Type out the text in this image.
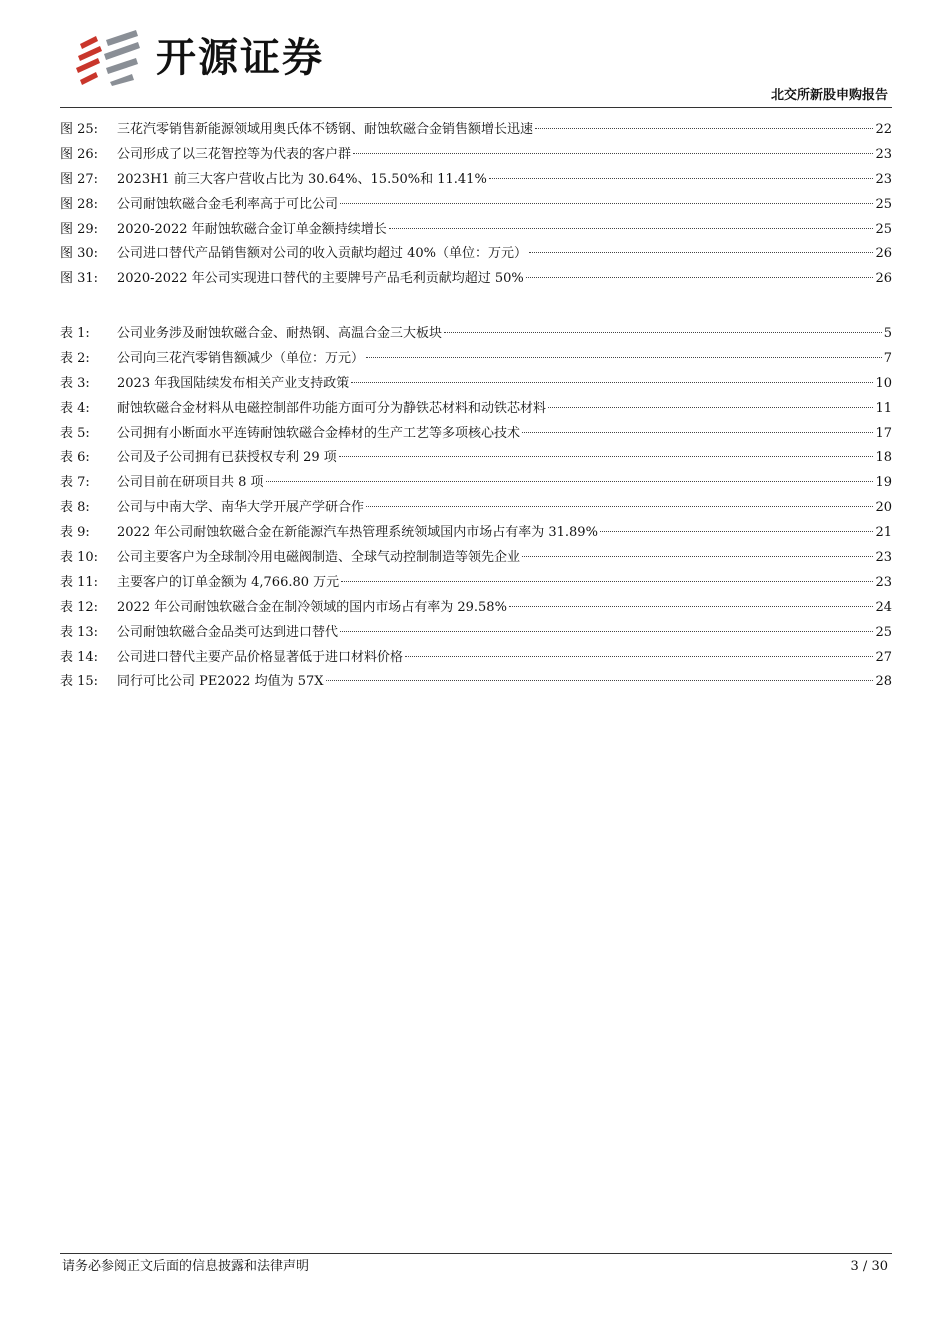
开源证券
北交所新股申购报告
图 25:	三花汽零销售新能源领域用奥氏体不锈钢、耐蚀软磁合金销售额增长迅速	22
图 26:	公司形成了以三花智控等为代表的客户群	23
图 27:	2023H1 前三大客户营收占比为 30.64%、15.50%和 11.41%	23
图 28:	公司耐蚀软磁合金毛利率高于可比公司	25
图 29:	2020-2022 年耐蚀软磁合金订单金额持续增长	25
图 30:	公司进口替代产品销售额对公司的收入贡献均超过 40%（单位：万元）	26
图 31:	2020-2022 年公司实现进口替代的主要牌号产品毛利贡献均超过 50%	26
表 1:	公司业务涉及耐蚀软磁合金、耐热钢、高温合金三大板块	5
表 2:	公司向三花汽零销售额减少（单位：万元）	7
表 3:	2023 年我国陆续发布相关产业支持政策	10
表 4:	耐蚀软磁合金材料从电磁控制部件功能方面可分为静铁芯材料和动铁芯材料	11
表 5:	公司拥有小断面水平连铸耐蚀软磁合金棒材的生产工艺等多项核心技术	17
表 6:	公司及子公司拥有已获授权专利 29 项	18
表 7:	公司目前在研项目共 8 项	19
表 8:	公司与中南大学、南华大学开展产学研合作	20
表 9:	2022 年公司耐蚀软磁合金在新能源汽车热管理系统领域国内市场占有率为 31.89%	21
表 10:	公司主要客户为全球制冷用电磁阀制造、全球气动控制制造等领先企业	23
表 11:	主要客户的订单金额为 4,766.80 万元	23
表 12:	2022 年公司耐蚀软磁合金在制冷领域的国内市场占有率为 29.58%	24
表 13:	公司耐蚀软磁合金品类可达到进口替代	25
表 14:	公司进口替代主要产品价格显著低于进口材料价格	27
表 15:	同行可比公司 PE2022 均值为 57X	28
请务必参阅正文后面的信息披露和法律声明	3 / 30
